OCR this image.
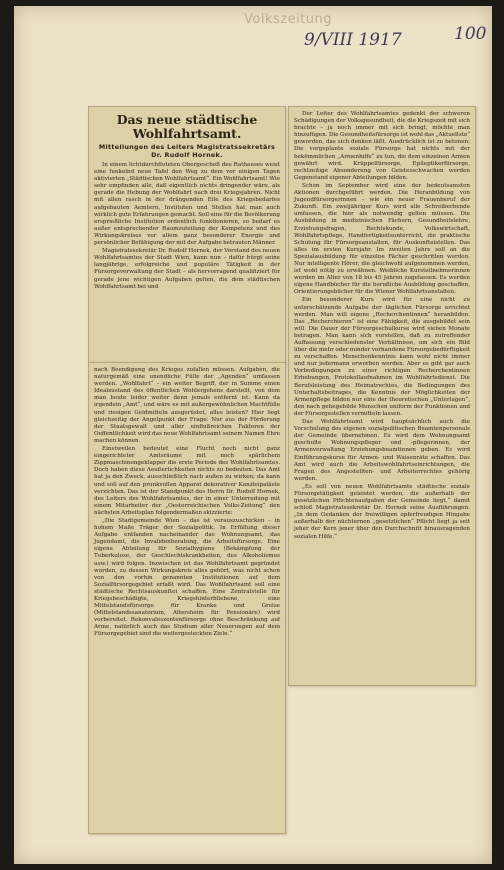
Volkszeitung
9/VIII 1917	100
Das neue städtische Wohlfahrtsamt.
Mitteilungen des Leiters Magistratssekretärs Dr. Rudolf Hornek.

In einem lichtdurchfluteten Obergeschoß des Rathauses weist eine funkelnd neue Tafel den Weg zu dem vor einigen Tagen aktivierten „Städtischen Wohlfahrtsamt“. Ein Wohlfahrtsamt! Wie sehr empfinden alle, daß eigentlich nichts dringender wäre, als gerade die Hebung der Wohlfahrt nach drei Kriegsjahren. Nicht mit allen rasch in der drängenden Eile des Kriegsbedarfes aufgebauten Aemtern, Instituten und Stellen hat man auch wirklich gute Erfahrungen gemacht. Soll eine für die Bevölkerung ersprießliche Institution ordentlich funktionieren, so bedarf es außer entsprechender Raumzuteilung der Kompetenz und des Wirkungskreises vor allem ganz besonderer Energie und persönlicher Befähigung der mit der Aufgabe betrauten Männer.

Magistratssekretär Dr. Rudolf Hornek, der Vorstand des neuen Wohlfahrtsamtes der Stadt Wien, kann nun – dafür bürgt seine langjährige, erfolgreiche und populäre Tätigkeit in der Fürsorgeverwaltung der Stadt – als hervorragend qualifiziert für gerade jene wichtigen Aufgaben gelten, die dem städtischen Wohlfahrtsamt bei und

nach Beendigung des Krieges zufallen müssen. Aufgaben, die naturgemäß eine unendliche Fülle der „Agenden“ umfassen werden. „Wohlfahrt“ – ein weiter Begriff, der in Summe einen Idealzustand des öffentlichen Wohlergehens darstellt, von dem man heute leider weiter denn jemals entfernt ist. Kann da irgendein „Amt“, und wäre es mit außergewöhnlichen Machtfülle und riesigen Geldmitteln ausgerüstet, alles leisten? Hier liegt gleichzeitig der Angelpunkt der Frage: Nur aus der Förderung der Staatsgewalt und aller einflußreichen Faktoren der Oeffentlichkeit wird das neue Wohlfahrtsamt seinem Namen Ehre machen können.

Einstweilen bedeutet eine Flucht noch nicht ganz eingerichteter Amtsräume mit noch spärlichem Zippmaschinengeklapper die erste Periode des Wohlfahrtsamtes. Doch haben diese Aeußerlichkeiten nichts zu bedeuten. Das Amt hat ja den Zweck, ausschließlich nach außen zu wirken; da kann und soll auf den prunkvollen Apparat dekorativer Kanzleipaläste verzichten. Das ist der Standpunkt des Herrn Dr. Rudolf Hornek, des Leiters des Wohlfahrtsamtes, der in einer Unterredung mit einem Mitarbeiter der „Oesterreichischen Volks-Zeitung“ den nächsten Arbeitsplan folgendermaßen skizzierte:

„Die Stadtgemeinde Wien – das ist vorauszuschicken – in hohem Maße Träger der Sozialpolitik. In Erfüllung dieser Aufgabe entfanden nacheinander das Wohnungsamt, das Jugendamt, die Invalidenberatung, die Arbeitsfürsorge. Eine eigene Abteilung für Sozialhygiene (Bekämpfung der Tuberkulose, der Geschlechtskrankheiten, des Alkoholismus usw.) wird folgen. Inzwischen ist das Wohlfahrtsamt gegründet worden, zu dessen Wirkungskreis alles gehört, was nicht schon von den vorhin genannten Institutionen auf dem Sozialfürsorgegebiet erfaßt wird. Das Wohlfahrtsamt soll eine städtische Rechtsauskunftei schaffen. Eine Zentralstelle für Kriegsbeschädigte, Kriegshinterbliebene, eine Mittelstandsfürsorge für Kranke und Greise (Mittelstandssanatorium, Altersheim für Pensionäre) wird vorbereitet. Rekonvaleszentenfürsorge ohne Beschränkung auf Arme, natürlich auch das Studium aller Neuerungen auf dem Fürsorgegebiet sind die weitergesteckten Ziele.“

Der Leiter des Wohlfahrtsamtes gedenkt der schweren Schädigungen der Volksgesundheit, die die Kriegszeit mit sich brachte – ja noch immer mit sich bringt, möchte man hinzufügen. Die Gesundheitsfürsorge ist wohl das „Aktuellste“ geworden, das sich denken läßt. Ausdrücklich ist zu betonen: Die vorgeplante soziale Fürsorge hat nichts mit der bekömmlichen „Armenhilfe“ zu tun, die dem einzelnen Armen gewährt wird. Krüppelfürsorge, Epileptikerfürsorge, rechtzeitige Absonderung von Geistesschwachen werden Gegenstand eigener Abteilungen bilden.

Schon im September wird eine der bedeutsamsten Aktionen durchgeführt werden. Die Heranbildung von Jugendfürsorgerinnen – wie ein neuer Frauenberuf der Zukunft. Ein zweijähriger Kurs wird alle Schreiberbende umfassen, die hier als notwendig gelten müssen. Die Ausbildung in medizinischen Fächern, Gesundheitslehre, Erziehungsfragen, Rechtskunde, Volkswirtschaft, Wohlfahrtspflege, Handfertigkeitsunterricht, die praktische Schulung für Fürsorgeanstalten, für Auskunfteistellen. Das alles im ersten Kursjahr. Im zweiten Jahre soll an die Spezialausbildung für einzelne Fächer geschritten werden. Nur intelligente Hörer, die gleichwohl aufgenommen werden, ist wohl nötig zu erwähnen. Weibliche Kursteilnehmerinnen werden im Alter von 18 bis 45 Jahren zugelassen. Es werden eigene Handbücher für die berufliche Ausbildung geschaffen, Orientierungsbücher für die Wiener Wohlfahrtsanstalten.

Ein besonderer Kurs wird für eine nicht zu unterschätzende Aufgabe der täglichen Fürsorge errichtet werden. Man will eigene „Recherchentinnen“ heranbilden. Das „Recherchieren“ ist eine Fähigkeit, die ausgebildet sein will. Die Dauer der Fürsorgeschulkurse wird sieben Monate betragen. Man kann sich vorstellen, daß zu zutreffender Auffassung verschiedenster Verhältnisse, um sich ein Bild über die mehr oder minder vorhandene Fürsorgebedürftigkeit zu verschaffen. Menschenkenntnis kann wohl nicht immer und nur jedermann erworben werden. Aber es gibt gar auch Vorbedingungen zu einer richtigen Recherchentinnen Erhebungen, Protokollaufnahmen im Wohlfahrtsdienst. Die Berufsleistung des Heimatrechtes, die Bedingungen des Unterhaltsbeitrages, die Kenntnis der Möglichkeiten der Armenpflege bilden nur eine der theoretischen „Unterlagen“, den nach gehegebilde Menschen uniform der Funktionen und der Fürsorgestellen vermitteln lassen.

Das Wohlfahrtsamt wird hauptsächlich auch die Vorschulung des eigenen sozialpolitischen Beamtenpersonals der Gemeinde übernehmen. Es wird dem Wohnungsamt geschulte Wohnungspfleger und -pflegerinnen, der Armenverwaltung Erziehungsbeamtinnen geben. Es wird Einführungskurse für Armen- und Waisenräte schaffen. Das Amt wird auch die Arbeitswohlfahrtseinrichtungen, die Fragen des Angestellten- und Arbeiterrechtes gehörig werden.

„Es soll von neuen Wohlfahrtsamte städtische soziale Fürsorgetätigkeit geleistet werden, die außerhalb der gesetzlichen Pflichtenaufgaben der Gemeinde liegt,“ damit schloß Magistratssekretär Dr. Hornek seine Ausführungen. „In dem Gedanken der freiwilligen opferfreudigen Hingabe außerhalb der nüchternen „gesetzlichen“ Pflicht liegt ja seit jeher der Kern jener über den Durchschnitt hinausragenden sozialen Hilfe.“
